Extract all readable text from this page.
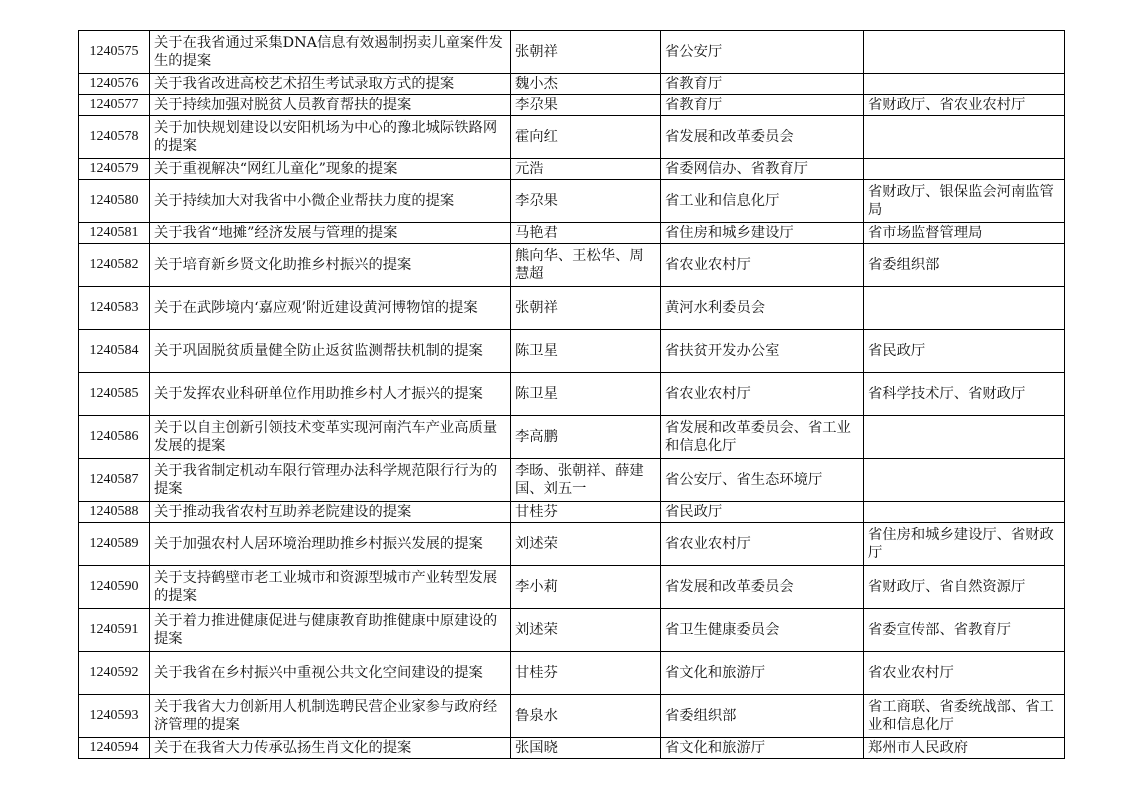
1240575	关于在我省通过采集DNA信息有效遏制拐卖儿童案件发生的提案	张朝祥	省公安厅	
1240576	关于我省改进高校艺术招生考试录取方式的提案	魏小杰	省教育厅	
1240577	关于持续加强对脱贫人员教育帮扶的提案	李尕果	省教育厅	省财政厅、省农业农村厅
1240578	关于加快规划建设以安阳机场为中心的豫北城际铁路网的提案	霍向红	省发展和改革委员会	
1240579	关于重视解决“网红儿童化”现象的提案	元浩	省委网信办、省教育厅	
1240580	关于持续加大对我省中小微企业帮扶力度的提案	李尕果	省工业和信息化厅	省财政厅、银保监会河南监管局
1240581	关于我省“地摊”经济发展与管理的提案	马艳君	省住房和城乡建设厅	省市场监督管理局
1240582	关于培育新乡贤文化助推乡村振兴的提案	熊向华、王松华、周慧超	省农业农村厅	省委组织部
1240583	关于在武陟境内‘嘉应观’附近建设黄河博物馆的提案	张朝祥	黄河水利委员会	
1240584	关于巩固脱贫质量健全防止返贫监测帮扶机制的提案	陈卫星	省扶贫开发办公室	省民政厅
1240585	关于发挥农业科研单位作用助推乡村人才振兴的提案	陈卫星	省农业农村厅	省科学技术厅、省财政厅
1240586	关于以自主创新引领技术变革实现河南汽车产业高质量发展的提案	李高鹏	省发展和改革委员会、省工业和信息化厅	
1240587	关于我省制定机动车限行管理办法科学规范限行行为的提案	李旸、张朝祥、薛建国、刘五一	省公安厅、省生态环境厅	
1240588	关于推动我省农村互助养老院建设的提案	甘桂芬	省民政厅	
1240589	关于加强农村人居环境治理助推乡村振兴发展的提案	刘述荣	省农业农村厅	省住房和城乡建设厅、省财政厅
1240590	关于支持鹤壁市老工业城市和资源型城市产业转型发展的提案	李小莉	省发展和改革委员会	省财政厅、省自然资源厅
1240591	关于着力推进健康促进与健康教育助推健康中原建设的提案	刘述荣	省卫生健康委员会	省委宣传部、省教育厅
1240592	关于我省在乡村振兴中重视公共文化空间建设的提案	甘桂芬	省文化和旅游厅	省农业农村厅
1240593	关于我省大力创新用人机制选聘民营企业家参与政府经济管理的提案	鲁泉水	省委组织部	省工商联、省委统战部、省工业和信息化厅
1240594	关于在我省大力传承弘扬生肖文化的提案	张国晓	省文化和旅游厅	郑州市人民政府
